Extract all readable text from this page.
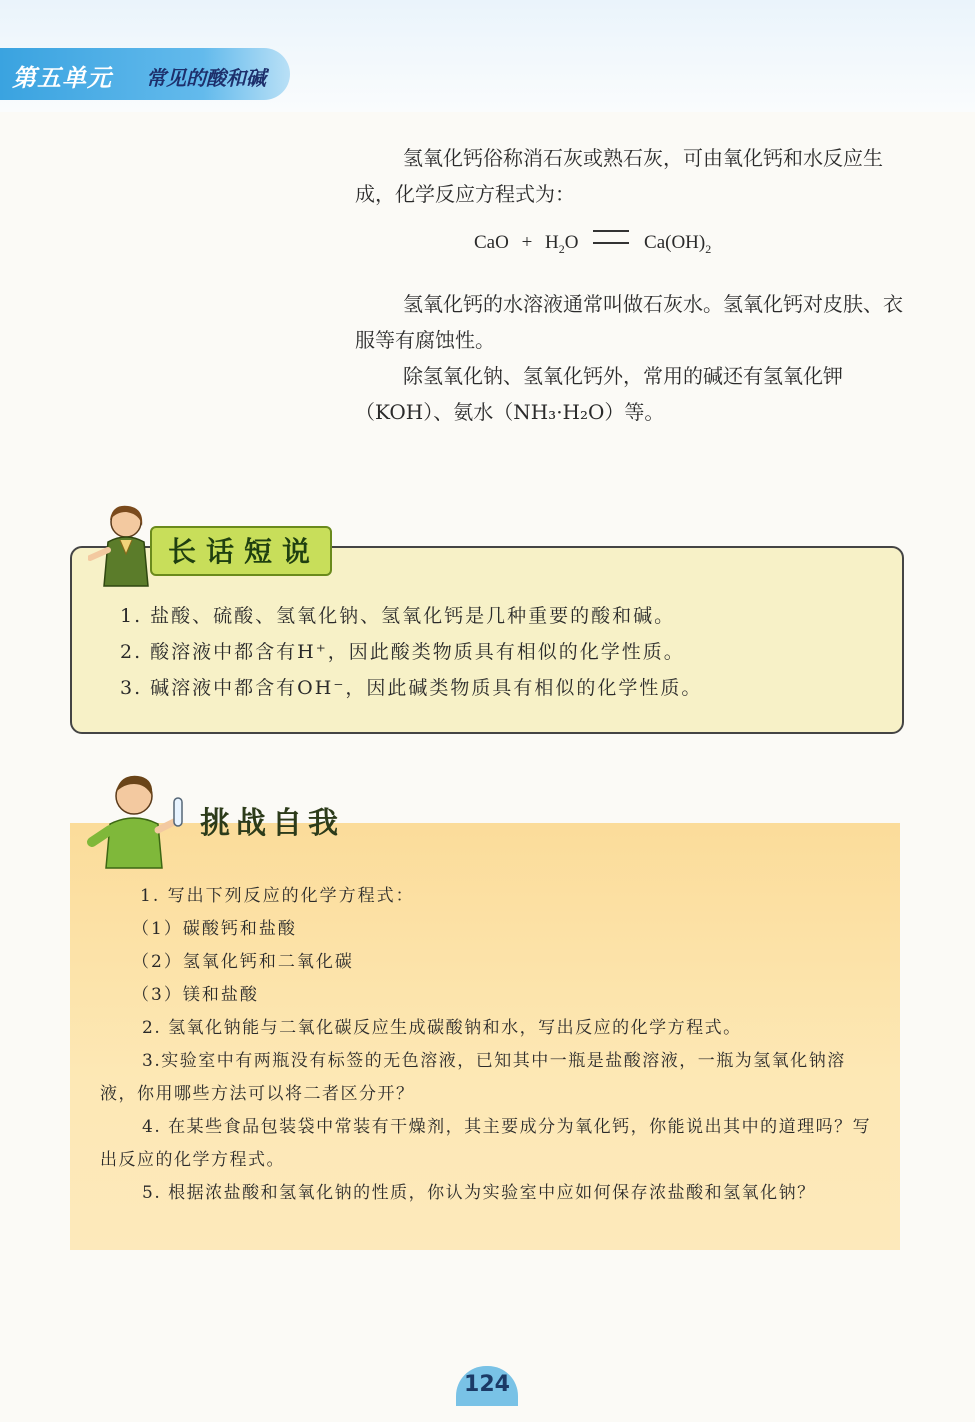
第五单元 常见的酸和碱

氢氧化钙俗称消石灰或熟石灰，可由氧化钙和水反应生成，化学反应方程式为：

CaO + $H_2O$	$Ca(OH)_2$

氢氧化钙的水溶液通常叫做石灰水。氢氧化钙对皮肤、衣服等有腐蚀性。

除氢氧化钠、氢氧化钙外，常用的碱还有氢氧化钾（KOH）、氨水（NH₃·H₂O）等。

长话短说
1. 盐酸、硫酸、氢氧化钠、氢氧化钙是几种重要的酸和碱。
2. 酸溶液中都含有H⁺，因此酸类物质具有相似的化学性质。
3. 碱溶液中都含有OH⁻，因此碱类物质具有相似的化学性质。
挑战自我

1. 写出下列反应的化学方程式：

（1）碳酸钙和盐酸

（2）氢氧化钙和二氧化碳

（3）镁和盐酸

2. 氢氧化钠能与二氧化碳反应生成碳酸钠和水，写出反应的化学方程式。

3.实验室中有两瓶没有标签的无色溶液，已知其中一瓶是盐酸溶液，一瓶为氢氧化钠溶液，你用哪些方法可以将二者区分开？

4. 在某些食品包装袋中常装有干燥剂，其主要成分为氧化钙，你能说出其中的道理吗？写出反应的化学方程式。

5. 根据浓盐酸和氢氧化钠的性质，你认为实验室中应如何保存浓盐酸和氢氧化钠？

124
